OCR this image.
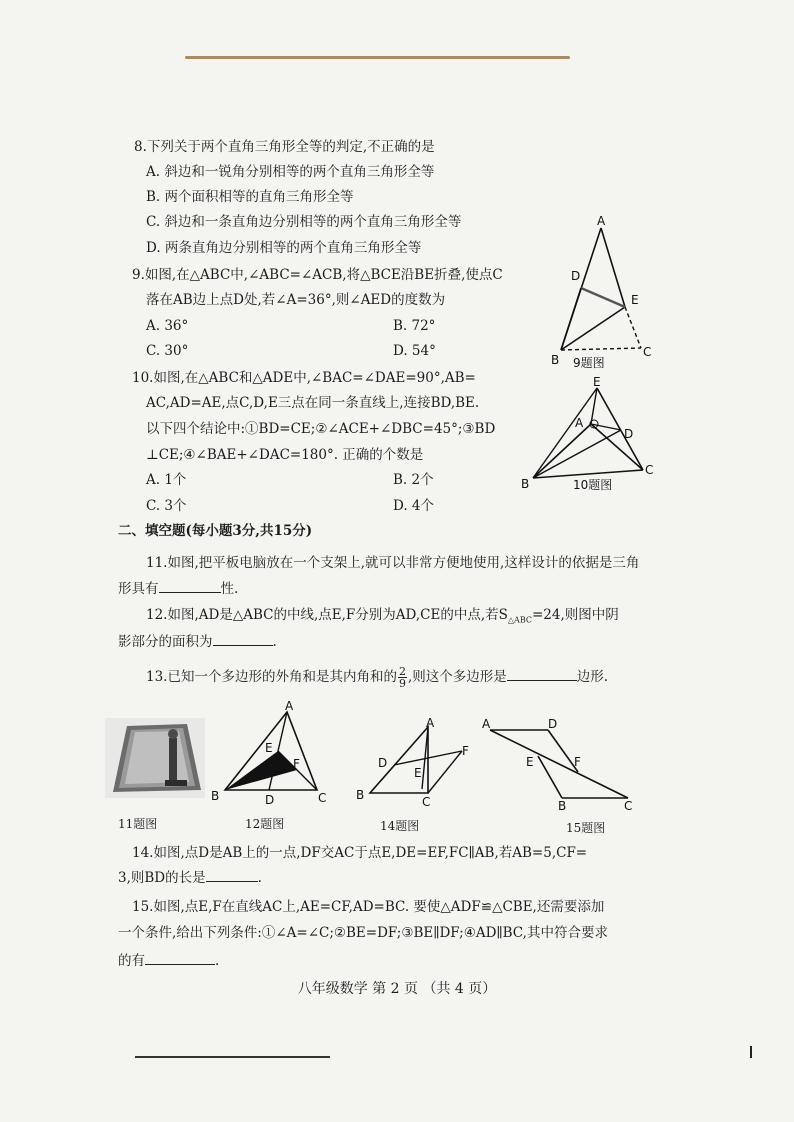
8.下列关于两个直角三角形全等的判定,不正确的是
A. 斜边和一锐角分别相等的两个直角三角形全等
B. 两个面积相等的直角三角形全等
C. 斜边和一条直角边分别相等的两个直角三角形全等
D. 两条直角边分别相等的两个直角三角形全等
9.如图,在△ABC中,∠ABC=∠ACB,将△BCE沿BE折叠,使点C
落在AB边上点D处,若∠A=36°,则∠AED的度数为
A. 36°	B. 72°
C. 30°	D. 54°
A
D
E
B
C
9题图
10.如图,在△ABC和△ADE中,∠BAC=∠DAE=90°,AB=
AC,AD=AE,点C,D,E三点在同一条直线上,连接BD,BE.
以下四个结论中:①BD=CE;②∠ACE+∠DBC=45°;③BD
⊥CE;④∠BAE+∠DAC=180°. 正确的个数是
A. 1个	B. 2个
C. 3个	D. 4个
E
A
D
C
B	10题图
二、填空题(每小题3分,共15分)
11.如图,把平板电脑放在一个支架上,就可以非常方便地使用,这样设计的依据是三角
形具有	性.
12.如图,AD是△ABC的中线,点E,F分别为AD,CE的中点,若$S_{\triangle ABC}=24$,则图中阴
影部分的面积为	.
13.已知一个多边形的外角和是其内角和的 $\frac{2}{9}$ ,则这个多边形是	边形.
11题图
A
E
F
B	D	C
12题图
A
D
E
F
B	C
14题图
A	D
E	F
B	C
15题图
14.如图,点D是AB上的一点,DF交AC于点E,DE=EF,FC∥AB,若AB=5,CF=
3,则BD的长是	.
15.如图,点E,F在直线AC上,AE=CF,AD=BC. 要使△ADF≌△CBE,还需要添加
一个条件,给出下列条件:①∠A=∠C;②BE=DF;③BE∥DF;④AD∥BC,其中符合要求
的有	.
八年级数学 第 2 页 （共 4 页）
